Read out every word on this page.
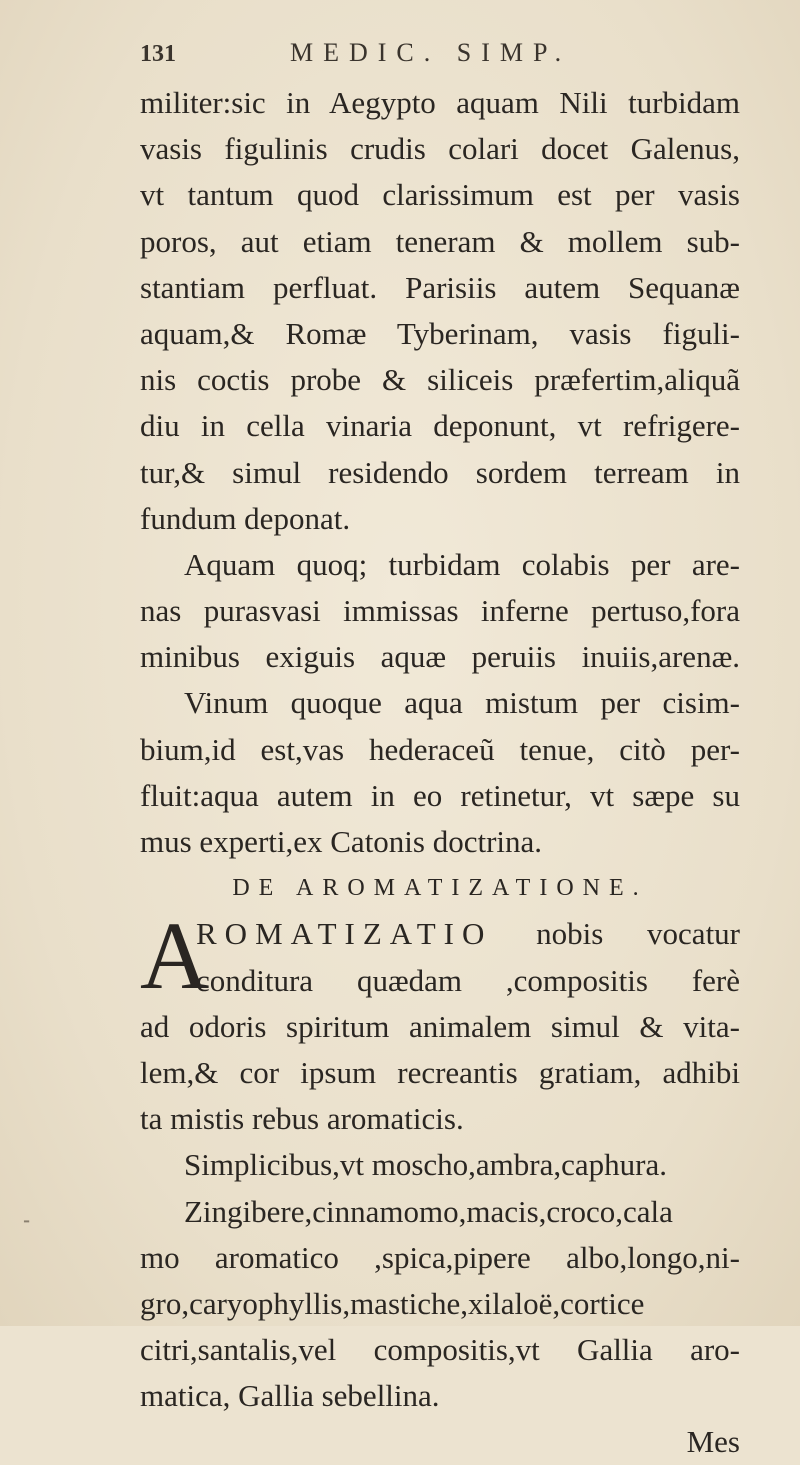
131	MEDIC. SIMP.
militer:sic in Aegypto aquam Nili turbidam
vasis figulinis crudis colari docet Galenus,
vt tantum quod clarissimum est per vasis
poros, aut etiam teneram & mollem sub-
stantiam perfluat. Parisiis autem Sequanæ
aquam,& Romæ Tyberinam, vasis figuli-
nis coctis probe & siliceis præfertim,aliquã
diu in cella vinaria deponunt, vt refrigere-
tur,& simul residendo sordem terream in
fundum deponat.
Aquam quoq; turbidam colabis per are-
nas purasvasi immissas inferne pertuso,fora
minibus exiguis aquæ peruiis inuiis,arenæ.
Vinum quoque aqua mistum per cisim-
bium,id est,vas hederaceũ tenue, citò per-
fluit:aqua autem in eo retinetur, vt sæpe su
mus experti,ex Catonis doctrina.
DE AROMATIZATIONE.
A
ROMATIZATIO nobis vocatur
conditura quædam ,compositis ferè
ad odoris spiritum animalem simul & vita-
lem,& cor ipsum recreantis gratiam, adhibi
ta mistis rebus aromaticis.
Simplicibus,vt moscho,ambra,caphura.
Zingibere,cinnamomo,macis,croco,cala
mo aromatico ,spica,pipere albo,longo,ni-
gro,caryophyllis,mastiche,xilaloë,cortice
citri,santalis,vel compositis,vt Gallia aro-
matica, Gallia sebellina.
Mes
⁃
